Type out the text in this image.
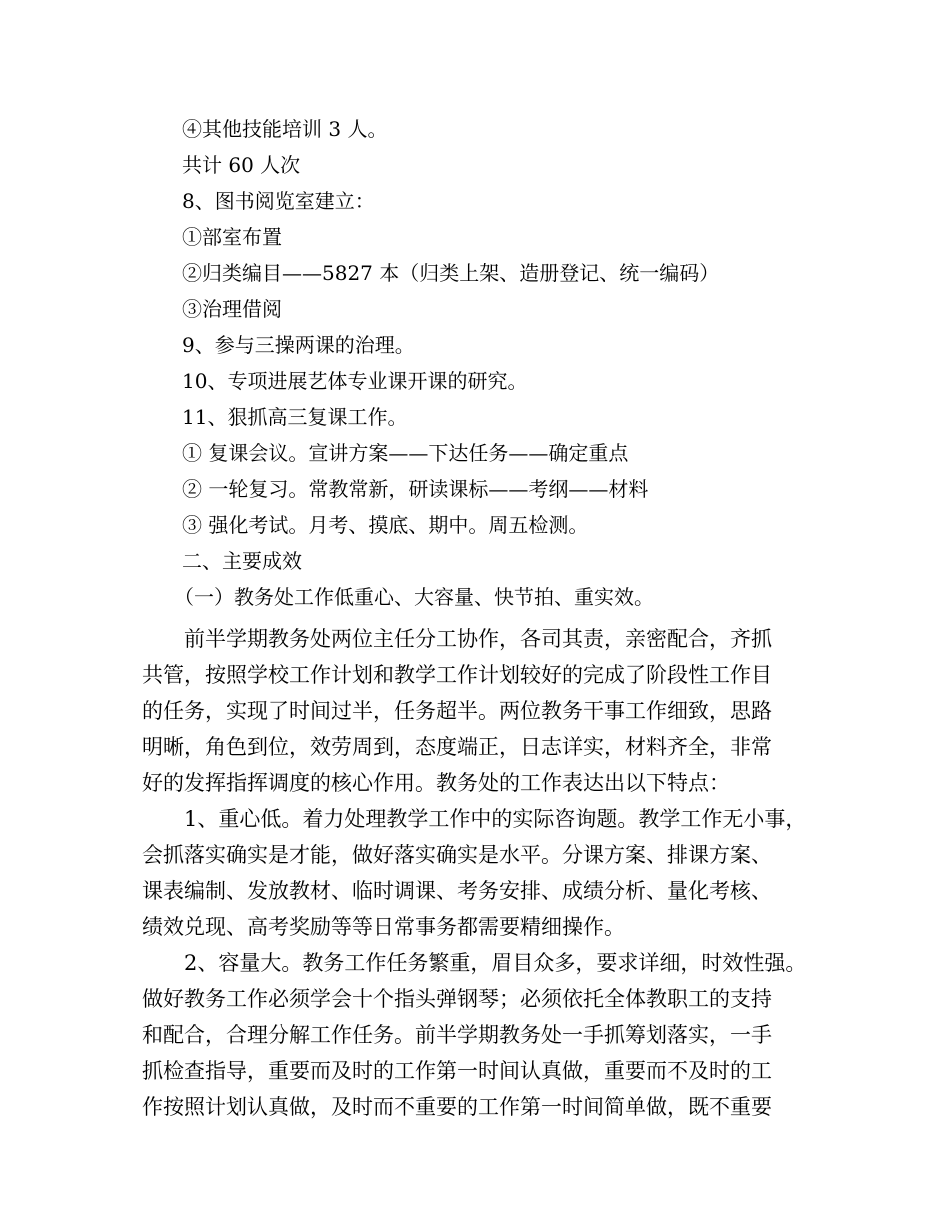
④其他技能培训 3 人。
共计 60 人次
8、图书阅览室建立：
①部室布置
②归类编目——5827 本（归类上架、造册登记、统一编码）
③治理借阅
9、参与三操两课的治理。
10、专项进展艺体专业课开课的研究。
11、狠抓高三复课工作。
① 复课会议。宣讲方案——下达任务——确定重点
② 一轮复习。常教常新，研读课标——考纲——材料
③ 强化考试。月考、摸底、期中。周五检测。
二、主要成效
（一）教务处工作低重心、大容量、快节拍、重实效。
前半学期教务处两位主任分工协作，各司其责，亲密配合，齐抓
共管，按照学校工作计划和教学工作计划较好的完成了阶段性工作目
的任务，实现了时间过半，任务超半。两位教务干事工作细致，思路
明晰，角色到位，效劳周到，态度端正，日志详实，材料齐全，非常
好的发挥指挥调度的核心作用。教务处的工作表达出以下特点：
1、重心低。着力处理教学工作中的实际咨询题。教学工作无小事，
会抓落实确实是才能，做好落实确实是水平。分课方案、排课方案、
课表编制、发放教材、临时调课、考务安排、成绩分析、量化考核、
绩效兑现、高考奖励等等日常事务都需要精细操作。
2、容量大。教务工作任务繁重，眉目众多，要求详细，时效性强。
做好教务工作必须学会十个指头弹钢琴；必须依托全体教职工的支持
和配合，合理分解工作任务。前半学期教务处一手抓筹划落实，一手
抓检查指导，重要而及时的工作第一时间认真做，重要而不及时的工
作按照计划认真做，及时而不重要的工作第一时间简单做，既不重要
